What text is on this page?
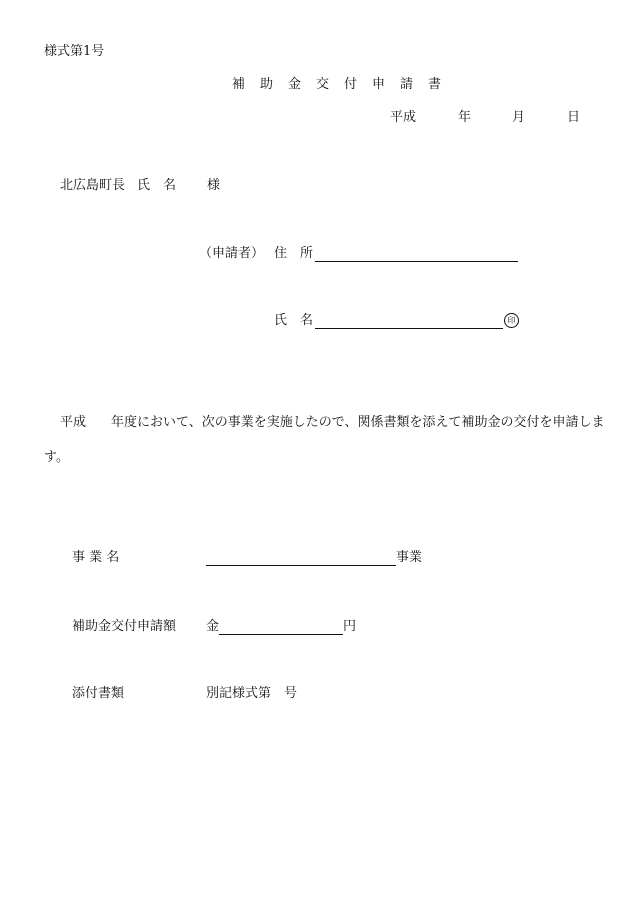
様式第1号
補　助　金　交　付　申　請　書
平成	年	月	日
北広島町長 氏　名 様
（申請者） 住　所
氏　名	印
平成 年度において、次の事業を実施したので、関係書類を添えて補助金の交付を申請しま
す。
事 業 名	事業
補助金交付申請額 金	円
添付書類	別記様式第　号
